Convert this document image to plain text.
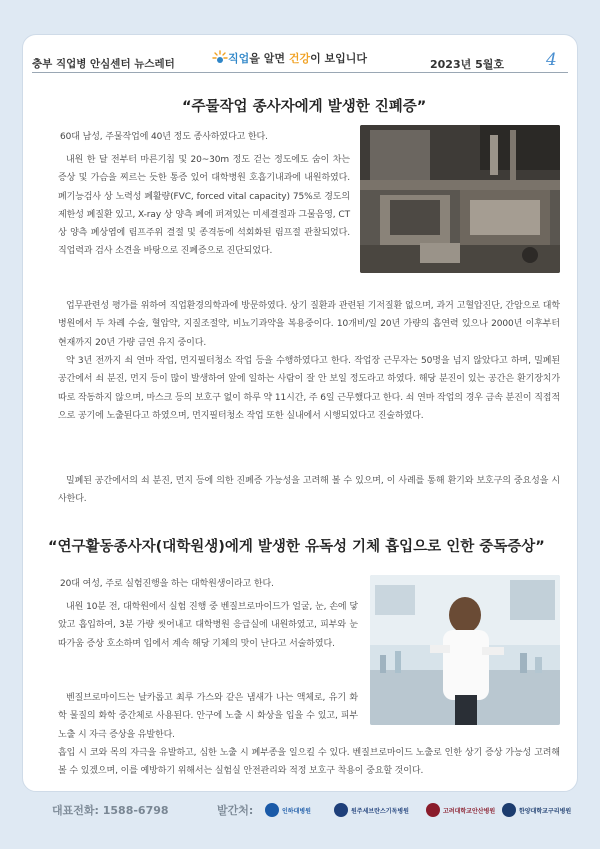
충부 직업병 안심센터 뉴스레터	직업을 알면 건강이 보입니다	2023년 5월호 4
“주물작업 종사자에게 발생한 진폐증”
60대 남성, 주물작업에 40년 정도 종사하였다고 한다.
내원 한 달 전부터 마른기침 및 20~30m 정도 걷는 정도에도 숨이 차는 증상 및 가슴을 찌르는 듯한 통증 있어 대학병원 호흡기내과에 내원하였다. 폐기능검사 상 노력성 폐활량(FVC, forced vital capacity) 75%로 경도의 제한성 폐질환 있고, X-ray 상 양측 폐에 퍼져있는 미세결절과 그물음영, CT 상 양측 폐상엽에 림프주위 결절 및 종격동에 석회화된 림프절 관찰되었다. 직업력과 검사 소견을 바탕으로 진폐증으로 진단되었다.
업무관련성 평가를 위하여 직업환경의학과에 방문하였다. 상기 질환과 관련된 기저질환 없으며, 과거 고혈압진단, 간암으로 대학병원에서 두 차례 수술, 혈압약, 지질조절약, 비뇨기과약을 복용중이다. 10개비/일 20년 가량의 흡연력 있으나 2000년 이후부터 현재까지 20년 가량 금연 유지 중이다.
약 3년 전까지 쇠 연마 작업, 먼지필터청소 작업 등을 수행하였다고 한다. 작업장 근무자는 50명을 넘지 않았다고 하며, 밀폐된 공간에서 쇠 분진, 먼지 등이 많이 발생하여 앞에 일하는 사람이 잘 안 보일 정도라고 하였다. 해당 분진이 있는 공간은 환기장치가 따로 작동하지 않으며, 마스크 등의 보호구 없이 하루 약 11시간, 주 6일 근무했다고 한다. 쇠 연마 작업의 경우 금속 분진이 직접적으로 공기에 노출된다고 하였으며, 먼지필터청소 작업 또한 실내에서 시행되었다고 진술하였다.
밀폐된 공간에서의 쇠 분진, 먼지 등에 의한 진폐증 가능성을 고려해 볼 수 있으며, 이 사례를 통해 환기와 보호구의 중요성을 시사한다.
“연구활동종사자(대학원생)에게 발생한 유독성 기체 흡입으로 인한 중독증상”
20대 여성, 주로 실험진행을 하는 대학원생이라고 한다.
내원 10분 전, 대학원에서 실험 진행 중 벤질브로마이드가 얼굴, 눈, 손에 닿았고 흡입하여, 3분 가량 씻어내고 대학병원 응급실에 내원하였고, 피부와 눈 따가움 증상 호소하며 입에서 계속 해당 기체의 맛이 난다고 서술하였다.
벤질브로마이드는 날카롭고 최루 가스와 같은 냄새가 나는 액체로, 유기 화학 물질의 화학 중간체로 사용된다. 안구에 노출 시 화상을 입을 수 있고, 피부 노출 시 자극 증상을 유발한다.
흡입 시 코와 목의 자극을 유발하고, 심한 노출 시 폐부종을 일으킬 수 있다. 벤질브로마이드 노출로 인한 상기 증상 가능성 고려해 볼 수 있겠으며, 이를 예방하기 위해서는 실험실 안전관리와 적정 보호구 착용이 중요할 것이다.
대표전화: 1588-6798	발간처:	인하대병원	원주세브란스기독병원	고려대학교안산병원	한양대학교구리병원
